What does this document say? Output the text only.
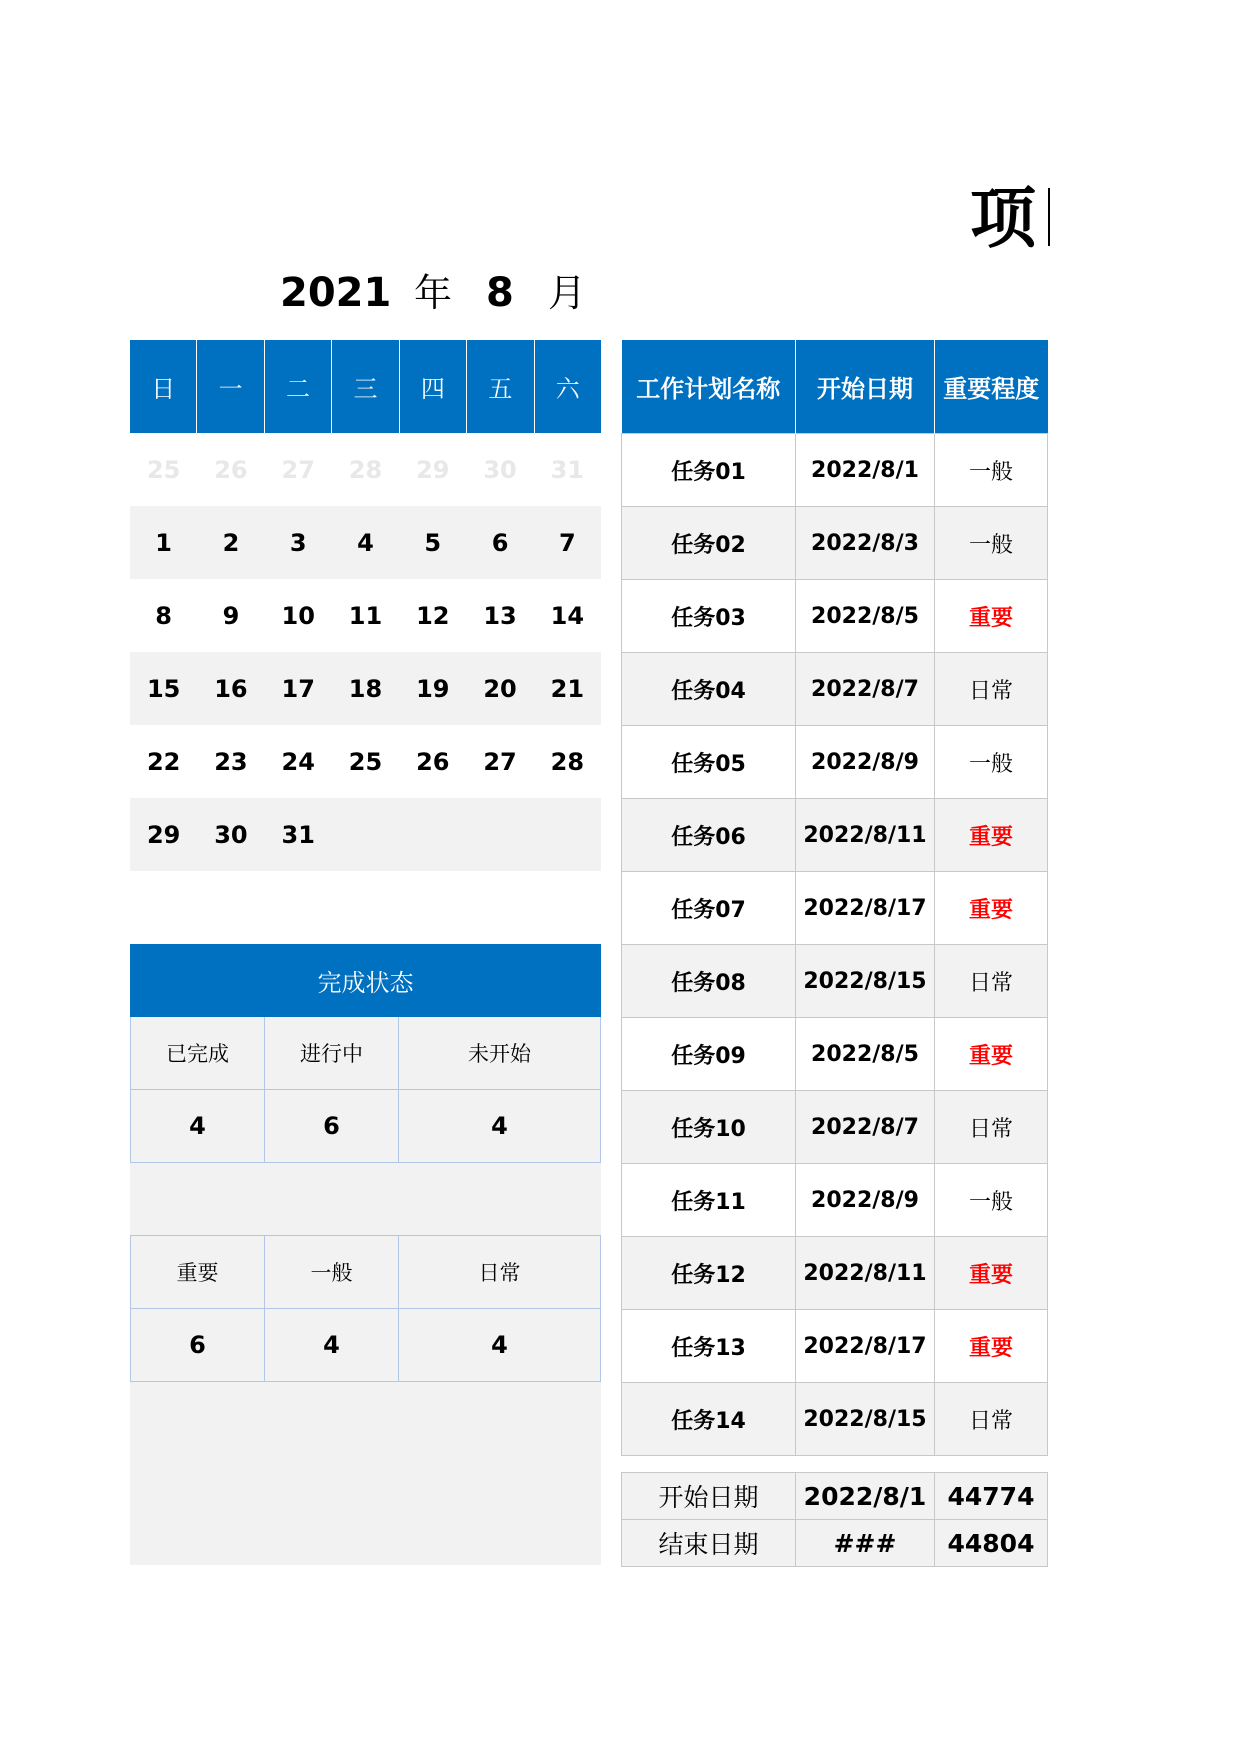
项
2021 年 8 月
日	一	二	三	四	五	六
25	26	27	28	29	30	31
1	2	3	4	5	6	7
8	9	10	11	12	13	14
15	16	17	18	19	20	21
22	23	24	25	26	27	28
29	30	31
完成状态
已完成	进行中	未开始
4	6	4
重要	一般	日常
6	4	4
工作计划名称	开始日期	重要程度
任务01	2022/8/1	一般
任务02	2022/8/3	一般
任务03	2022/8/5	重要
任务04	2022/8/7	日常
任务05	2022/8/9	一般
任务06	2022/8/11	重要
任务07	2022/8/17	重要
任务08	2022/8/15	日常
任务09	2022/8/5	重要
任务10	2022/8/7	日常
任务11	2022/8/9	一般
任务12	2022/8/11	重要
任务13	2022/8/17	重要
任务14	2022/8/15	日常
开始日期	2022/8/1	44774
结束日期	###	44804
